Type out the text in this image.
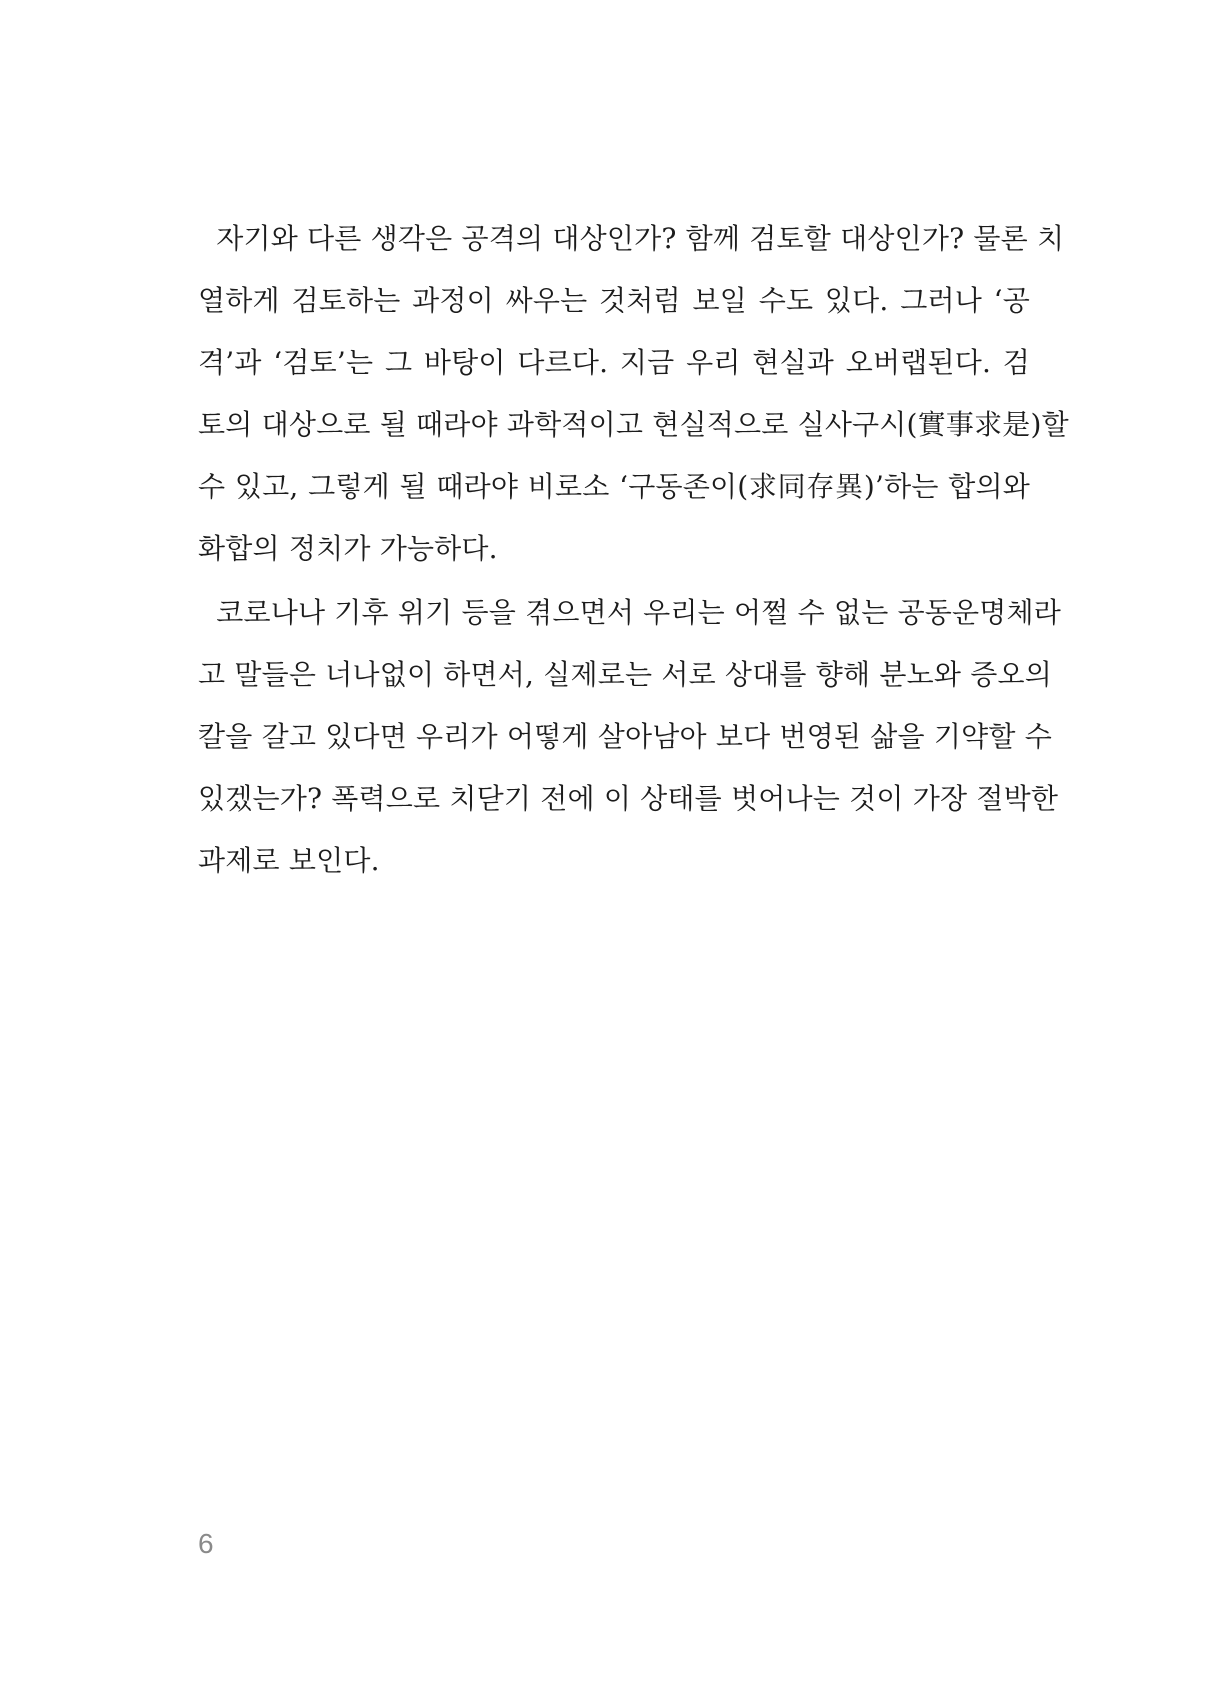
자기와 다른 생각은 공격의 대상인가? 함께 검토할 대상인가? 물론 치
열하게 검토하는 과정이 싸우는 것처럼 보일 수도 있다. 그러나 ‘공
격’과 ‘검토’는 그 바탕이 다르다. 지금 우리 현실과 오버랩된다. 검
토의 대상으로 될 때라야 과학적이고 현실적으로 실사구시(實事求是)할
수 있고, 그렇게 될 때라야 비로소 ‘구동존이(求同存異)’하는 합의와
화합의 정치가 가능하다.
코로나나 기후 위기 등을 겪으면서 우리는 어쩔 수 없는 공동운명체라
고 말들은 너나없이 하면서, 실제로는 서로 상대를 향해 분노와 증오의
칼을 갈고 있다면 우리가 어떻게 살아남아 보다 번영된 삶을 기약할 수
있겠는가? 폭력으로 치닫기 전에 이 상태를 벗어나는 것이 가장 절박한
과제로 보인다.
6
